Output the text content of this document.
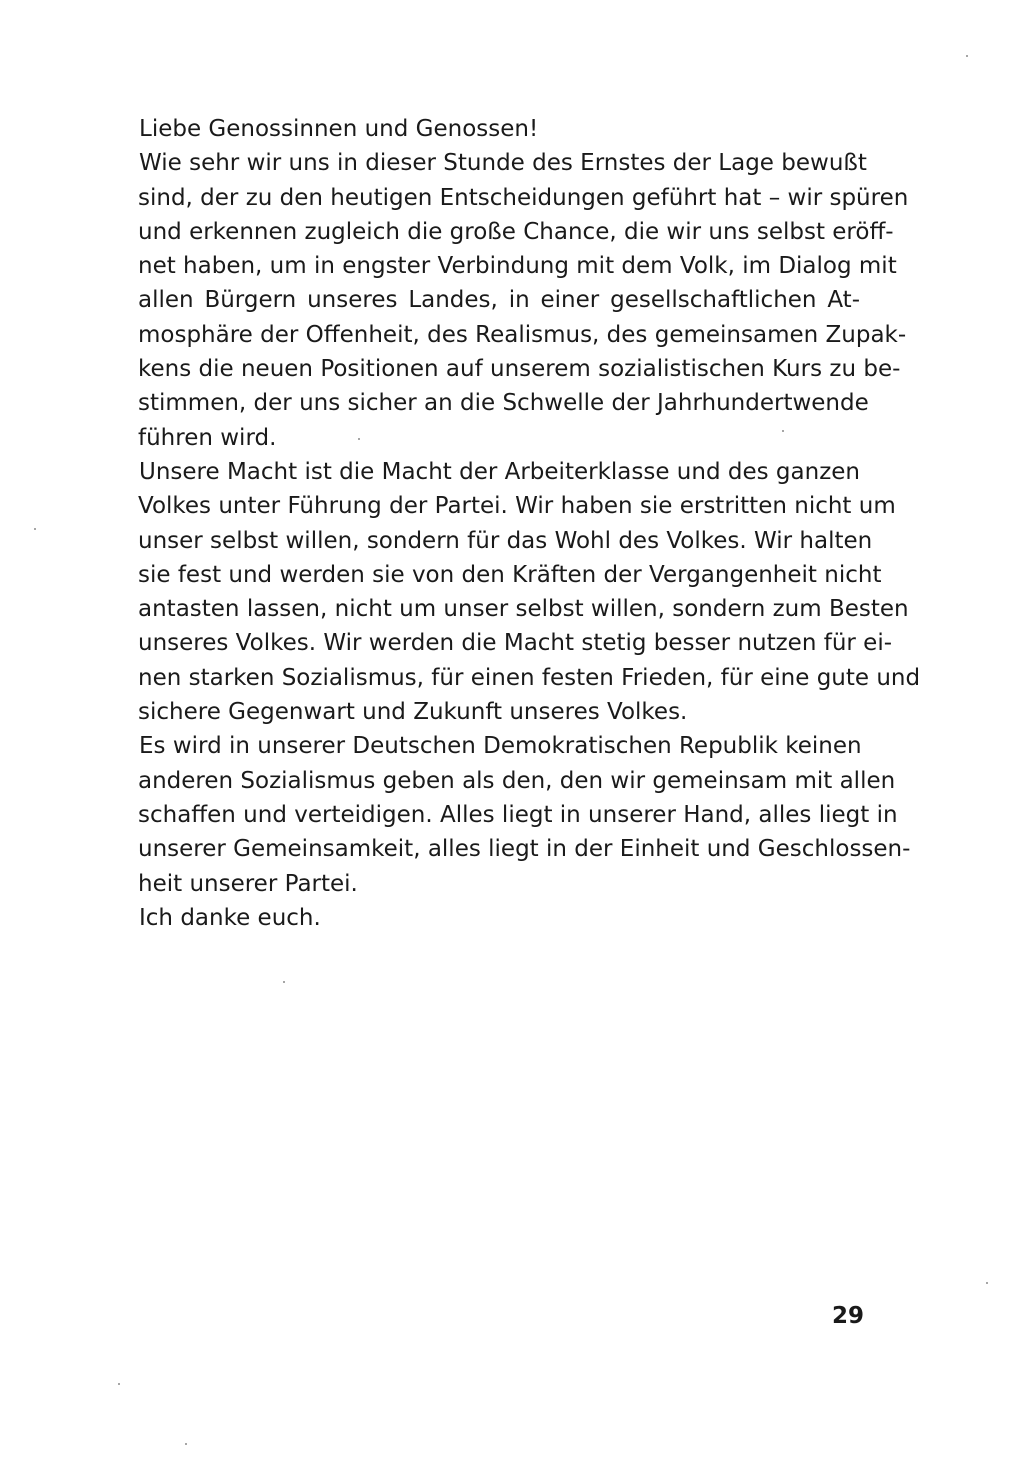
Liebe Genossinnen und Genossen!

Wie sehr wir uns in dieser Stunde des Ernstes der Lage bewußt
sind, der zu den heutigen Entscheidungen geführt hat – wir spüren
und erkennen zugleich die große Chance, die wir uns selbst eröff-
net haben, um in engster Verbindung mit dem Volk, im Dialog mit
allen Bürgern unseres Landes, in einer gesellschaftlichen At-
mosphäre der Offenheit, des Realismus, des gemeinsamen Zupak-
kens die neuen Positionen auf unserem sozialistischen Kurs zu be-
stimmen, der uns sicher an die Schwelle der Jahrhundertwende
führen wird.

Unsere Macht ist die Macht der Arbeiterklasse und des ganzen
Volkes unter Führung der Partei. Wir haben sie erstritten nicht um
unser selbst willen, sondern für das Wohl des Volkes. Wir halten
sie fest und werden sie von den Kräften der Vergangenheit nicht
antasten lassen, nicht um unser selbst willen, sondern zum Besten
unseres Volkes. Wir werden die Macht stetig besser nutzen für ei-
nen starken Sozialismus, für einen festen Frieden, für eine gute und
sichere Gegenwart und Zukunft unseres Volkes.

Es wird in unserer Deutschen Demokratischen Republik keinen
anderen Sozialismus geben als den, den wir gemeinsam mit allen
schaffen und verteidigen. Alles liegt in unserer Hand, alles liegt in
unserer Gemeinsamkeit, alles liegt in der Einheit und Geschlossen-
heit unserer Partei.

Ich danke euch.

29
